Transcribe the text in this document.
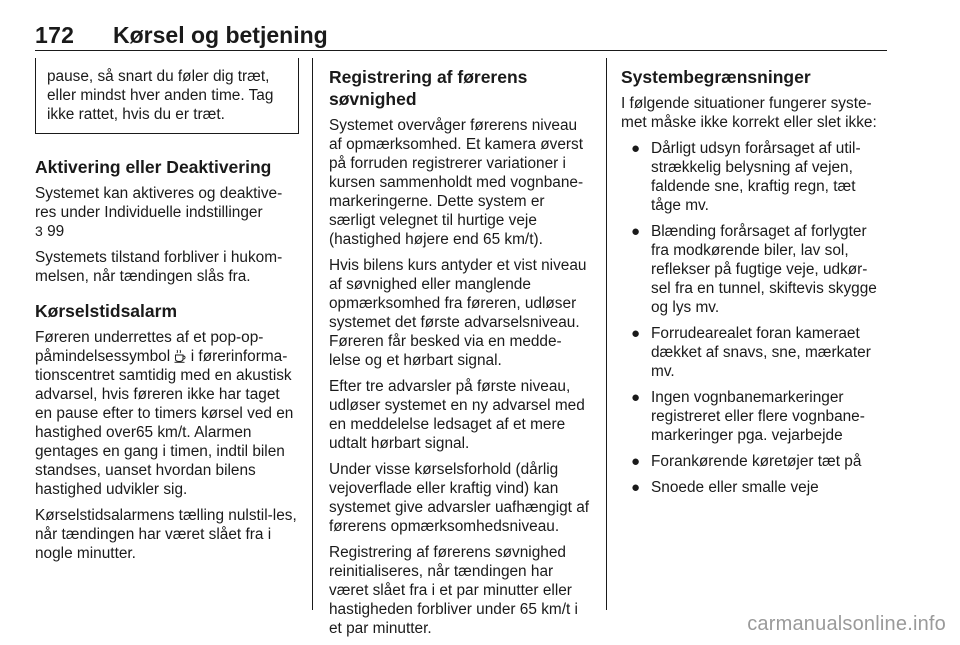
172 Kørsel og betjening
pause, så snart du føler dig træt, eller mindst hver anden time. Tag ikke rattet, hvis du er træt.
Aktivering eller Deaktivering

Systemet kan aktiveres og deaktive-res under Individuelle indstillinger
3 99

Systemets tilstand forbliver i hukom-melsen, når tændingen slås fra.

Kørselstidsalarm

Føreren underrettes af et pop-op-påmindelsessymbol i førerinforma-tionscentret samtidig med en akustisk advarsel, hvis føreren ikke har taget en pause efter to timers kørsel ved en hastighed over65 km/t. Alarmen gentages en gang i timen, indtil bilen standses, uanset hvordan bilens hastighed udvikler sig.

Kørselstidsalarmens tælling nulstil-les, når tændingen har været slået fra i nogle minutter.

Registrering af førerens søvnighed

Systemet overvåger førerens niveau af opmærksomhed. Et kamera øverst på forruden registrerer variationer i kursen sammenholdt med vognbane-markeringerne. Dette system er særligt velegnet til hurtige veje (hastighed højere end 65 km/t).

Hvis bilens kurs antyder et vist niveau af søvnighed eller manglende opmærksomhed fra føreren, udløser systemet det første advarselsniveau. Føreren får besked via en medde-lelse og et hørbart signal.

Efter tre advarsler på første niveau, udløser systemet en ny advarsel med en meddelelse ledsaget af et mere udtalt hørbart signal.

Under visse kørselsforhold (dårlig vejoverflade eller kraftig vind) kan systemet give advarsler uafhængigt af førerens opmærksomhedsniveau.

Registrering af førerens søvnighed reinitialiseres, når tændingen har været slået fra i et par minutter eller hastigheden forbliver under 65 km/t i et par minutter.

Systembegrænsninger

I følgende situationer fungerer syste-met måske ikke korrekt eller slet ikke:

● Dårligt udsyn forårsaget af util-strækkelig belysning af vejen, faldende sne, kraftig regn, tæt tåge mv.
● Blænding forårsaget af forlygter fra modkørende biler, lav sol, reflekser på fugtige veje, udkør-sel fra en tunnel, skiftevis skygge og lys mv.
● Forrudearealet foran kameraet dækket af snavs, sne, mærkater mv.
● Ingen vognbanemarkeringer registreret eller flere vognbane-markeringer pga. vejarbejde
● Forankørende køretøjer tæt på
● Snoede eller smalle veje
carmanualsonline.info
